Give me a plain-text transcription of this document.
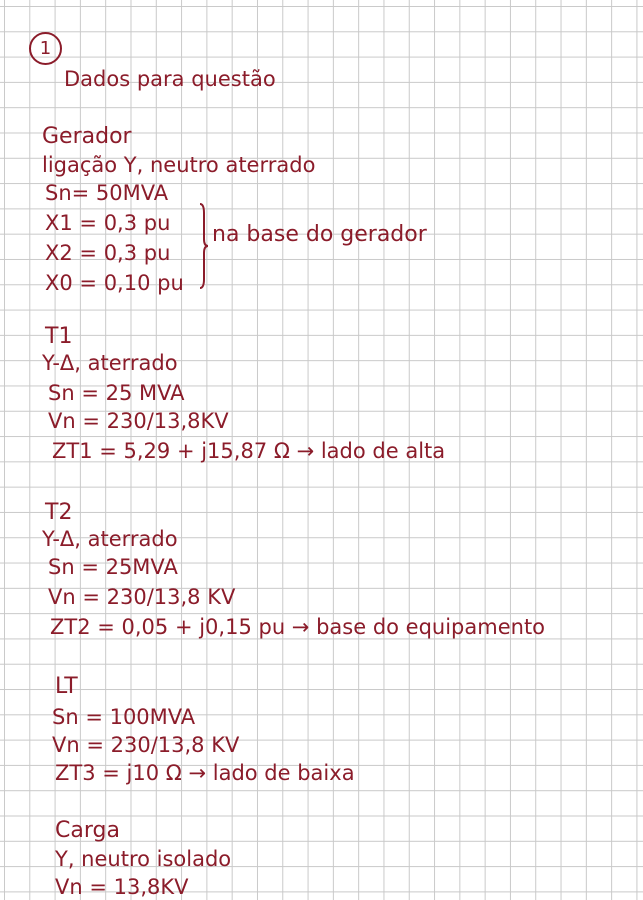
1
Dados para questão
Gerador
ligação Y, neutro aterrado
Sn= 50MVA
X1 = 0,3 pu
X2 = 0,3 pu
X0 = 0,10 pu
na base do gerador
T1
Y-Δ, aterrado
Sn = 25 MVA
Vn = 230/13,8KV
ZT1 = 5,29 + j15,87 Ω → lado de alta
T2
Y-Δ, aterrado
Sn = 25MVA
Vn = 230/13,8 KV
ZT2 = 0,05 + j0,15 pu → base do equipamento
LT
Sn = 100MVA
Vn = 230/13,8 KV
ZT3 = j10 Ω → lado de baixa
Carga
Y, neutro isolado
Vn = 13,8KV
